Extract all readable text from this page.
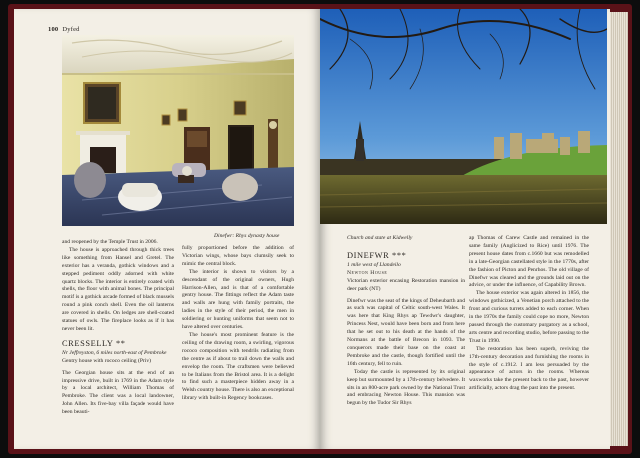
100 Dyfed
Dinefwr: Rhys dynasty house

and reopened by the Temple Trust in 2006.

The house is approached through thick trees like something from Hansel and Gretel. The exterior has a veranda, gothick windows and a stepped pediment oddly adorned with white quartz blocks. The interior is entirely coated with shells, the floor with animal bones. The principal motif is a gothick arcade formed of black mussels round a pink conch shell. Even the oil lanterns are covered in shells. On ledges are shell-coated statues of owls. The fireplace looks as if it has never been lit.

CRESSELLY **

Nr Jeffreyston, 6 miles north-east of Pembroke

Gentry house with rococo ceiling (Priv)

The Georgian house sits at the end of an impressive drive, built in 1769 in the Adam style by a local architect, William Thomas of Pembroke. The client was a local landowner, John Allen. Its five-bay villa façade would have been beauti-

fully proportioned before the addition of Victorian wings, whose bays clumsily seek to mimic the central block.

The interior is shown to visitors by a descendant of the original owners, Hugh Harrison-Allen, and is that of a comfortable gentry house. The fittings reflect the Adam taste and walls are hung with family portraits, the ladies in the style of their period, the men in soldiering or hunting uniforms that seem not to have altered over centuries.

The house's most prominent feature is the ceiling of the drawing room, a swirling, vigorous rococo composition with tendrils radiating from the centre as if about to trail down the walls and envelop the room. The craftsmen were believed to be Italians from the Bristol area. It is a delight to find such a masterpiece hidden away in a Welsh country house. There is also an exceptional library with built-in Regency bookcases.

Church and state at Kidwelly
DINEFWR ***

1 mile west of Llandeilo

Newton House

Victorian exterior encasing Restoration mansion in deer park (NT)

Dinefwr was the seat of the kings of Deheubarth and as such was capital of Celtic south-west Wales. It was here that King Rhys ap Tewdwr's daughter, Princess Nest, would have been born and from here that he set out to his death at the hands of the Normans at the battle of Brecon in 1093. The conquerors made their base on the coast at Pembroke and the castle, though fortified until the 16th century, fell to ruin.

Today the castle is represented by its original keep but surmounted by a 17th-century belvedere. It sits in an 800-acre park owned by the National Trust and embracing Newton House. This mansion was begun by the Tudor Sir Rhys

ap Thomas of Carew Castle and remained in the same family (Anglicized to Rice) until 1976. The present house dates from c.1660 but was remodelled in a late-Georgian castellated style in the 1770s, after the fashion of Picton and Penrhos. The old village of Dinefwr was cleared and the grounds laid out on the advice, or under the influence, of Capability Brown.

The house exterior was again altered in 1856, the windows gothicized, a Venetian porch attached to the front and curious turrets added to each corner. When in the 1970s the family could cope no more, Newton passed through the customary purgatory as a school, arts centre and recording studio, before passing to the Trust in 1990.

The restoration has been superb, reviving the 17th-century decoration and furnishing the rooms in the style of c.1912. I am less persuaded by the appearance of actors in the rooms. Whereas waxworks take the present back to the past, however artificially, actors drag the past into the present.
